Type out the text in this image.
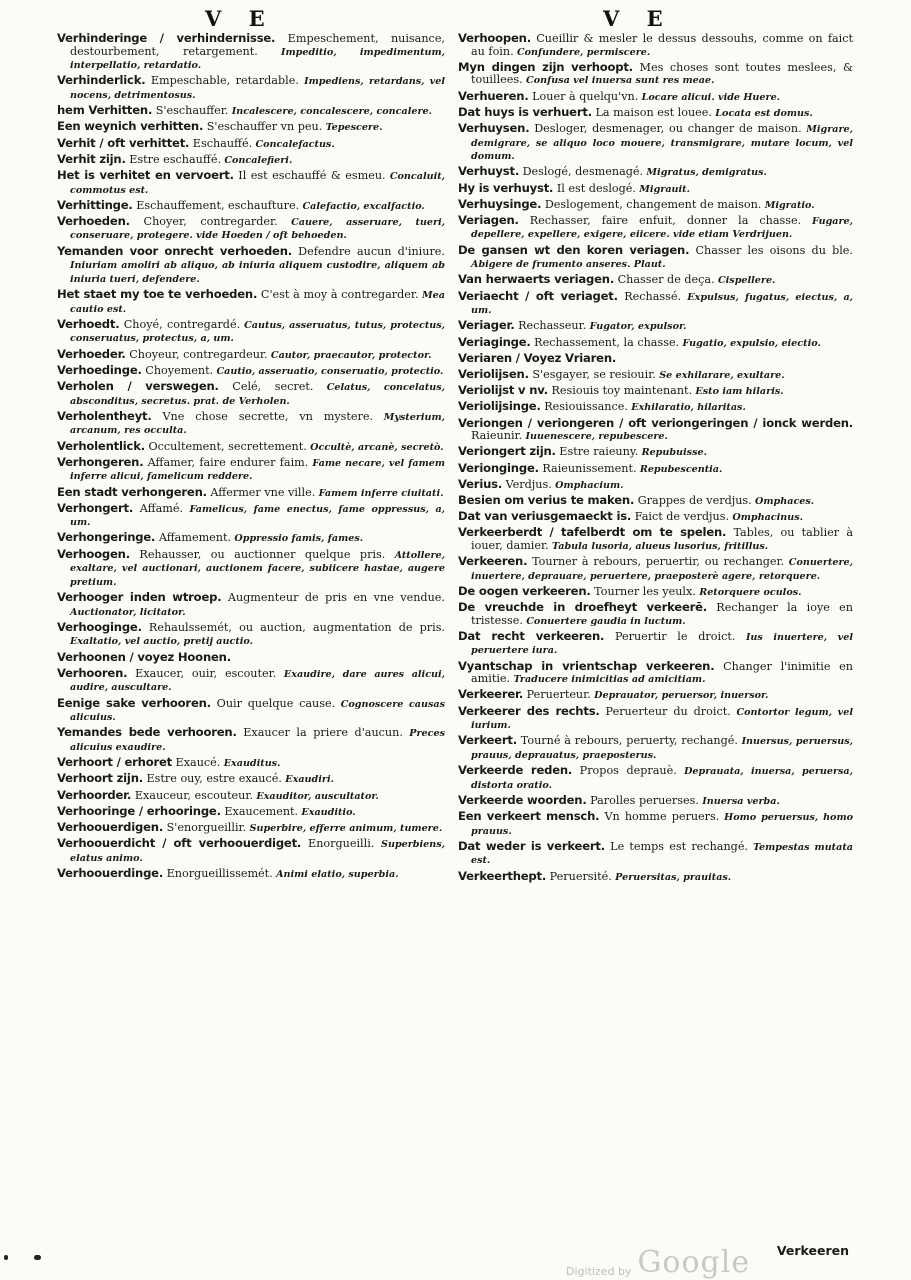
V E	V E

Verhinderinge / verhindernisse. Empeschement, nuisance, destourbement, retargement. Impeditio, impedimentum, interpellatio, retardatio.

Verhinderlick. Empeschable, retardable. Impediens, retardans, vel nocens, detrimentosus.

hem Verhitten. S'eschauffer. Incalescere, concalescere, concalere.

Een weynich verhitten. S'eschauffer vn peu. Tepescere.

Verhit / oft verhittet. Eschauffé. Concalefactus.

Verhit zijn. Estre eschauffé. Concalefieri.

Het is verhitet en vervoert. Il est eschauffé & esmeu. Concaluit, commotus est.

Verhittinge. Eschauffement, eschaufture. Calefactio, excalfactio.

Verhoeden. Choyer, contregarder. Cauere, asseruare, tueri, conseruare, protegere. vide Hoeden / oft behoeden.

Yemanden voor onrecht verhoeden. Defendre aucun d'iniure. Iniuriam amoliri ab aliquo, ab iniuria aliquem custodire, aliquem ab iniuria tueri, defendere.

Het staet my toe te verhoeden. C'est à moy à contregarder. Mea cautio est.

Verhoedt. Choyé, contregardé. Cautus, asseruatus, tutus, protectus, conseruatus, protectus, a, um.

Verhoeder. Choyeur, contregardeur. Cautor, praecautor, protector.

Verhoedinge. Choyement. Cautio, asseruatio, conseruatio, protectio.

Verholen / verswegen. Celé, secret. Celatus, concelatus, absconditus, secretus. prat. de Verholen.

Verholentheyt. Vne chose secrette, vn mystere. Mysterium, arcanum, res occulta.

Verholentlick. Occultement, secrettement. Occultè, arcanè, secretò.

Verhongeren. Affamer, faire endurer faim. Fame necare, vel famem inferre alicui, famelicum reddere.

Een stadt verhongeren. Affermer vne ville. Famem inferre ciuitati.

Verhongert. Affamé. Famelicus, fame enectus, fame oppressus, a, um.

Verhongeringe. Affamement. Oppressio famis, fames.

Verhoogen. Rehausser, ou auctionner quelque pris. Attollere, exaltare, vel auctionari, auctionem facere, subiicere hastae, augere pretium.

Verhooger inden wtroep. Augmenteur de pris en vne vendue. Auctionator, licitator.

Verhooginge. Rehaulssemét, ou auction, augmentation de pris. Exaltatio, vel auctio, pretij auctio.

Verhoonen / voyez Hoonen.

Verhooren. Exaucer, ouir, escouter. Exaudire, dare aures alicui, audire, auscultare.

Eenige sake verhooren. Ouir quelque cause. Cognoscere causas alicuius.

Yemandes bede verhooren. Exaucer la priere d'aucun. Preces alicuius exaudire.

Verhoort / erhoret Exaucé. Exauditus.

Verhoort zijn. Estre ouy, estre exaucé. Exaudiri.

Verhoorder. Exauceur, escouteur. Exauditor, auscultator.

Verhooringe / erhooringe. Exaucement. Exauditio.

Verhoouerdigen. S'enorgueillir. Superbire, efferre animum, tumere.

Verhoouerdicht / oft verhoouerdiget. Enorgueilli. Superbiens, elatus animo.

Verhoouerdinge. Enorgueillissemét. Animi elatio, superbia.

Verhoopen. Cueillir & mesler le dessus dessouhs, comme on faict au foin. Confundere, permiscere.

Myn dingen zijn verhoopt. Mes choses sont toutes meslees, & touillees. Confusa vel inuersa sunt res meae.

Verhueren. Louer à quelqu'vn. Locare alicui. vide Huere.

Dat huys is verhuert. La maison est louee. Locata est domus.

Verhuysen. Desloger, desmenager, ou changer de maison. Migrare, demigrare, se aliquo loco mouere, transmigrare, mutare locum, vel domum.

Verhuyst. Deslogé, desmenagé. Migratus, demigratus.

Hy is verhuyst. Il est deslogé. Migrauit.

Verhuysinge. Deslogement, changement de maison. Migratio.

Veriagen. Rechasser, faire enfuit, donner la chasse. Fugare, depellere, expellere, exigere, eiicere. vide etiam Verdrijuen.

De gansen wt den koren veriagen. Chasser les oisons du ble. Abigere de frumento anseres. Plaut.

Van herwaerts veriagen. Chasser de deça. Cispellere.

Veriaecht / oft veriaget. Rechassé. Expulsus, fugatus, eiectus, a, um.

Veriager. Rechasseur. Fugator, expulsor.

Veriaginge. Rechassement, la chasse. Fugatio, expulsio, eiectio.

Veriaren / Voyez Vriaren.

Veriolijsen. S'esgayer, se resiouir. Se exhilarare, exultare.

Veriolijst v nv. Resiouis toy maintenant. Esto iam hilaris.

Veriolijsinge. Resiouissance. Exhilaratio, hilaritas.

Veriongen / veriongeren / oft veriongeringen / ionck werden. Raieunir. Iuuenescere, repubescere.

Veriongert zijn. Estre raieuny. Repubuisse.

Verionginge. Raieunissement. Repubescentia.

Verius. Verdjus. Omphacium.

Besien om verius te maken. Grappes de verdjus. Omphaces.

Dat van veriusgemaeckt is. Faict de verdjus. Omphacinus.

Verkeerberdt / tafelberdt om te spelen. Tables, ou tablier à iouer, damier. Tabula lusoria, alueus lusorius, fritillus.

Verkeeren. Tourner à rebours, peruertir, ou rechanger. Conuertere, inuertere, deprauare, peruertere, praeposterè agere, retorquere.

De oogen verkeeren. Tourner les yeulx. Retorquere oculos.

De vreuchde in droefheyt verkeerē. Rechanger la ioye en tristesse. Conuertere gaudia in luctum.

Dat recht verkeeren. Peruertir le droict. Ius inuertere, vel peruertere iura.

Vyantschap in vrientschap verkeeren. Changer l'inimitie en amitie. Traducere inimicitias ad amicitiam.

Verkeerer. Peruerteur. Deprauator, peruersor, inuersor.

Verkeerer des rechts. Peruerteur du droict. Contortor legum, vel iurium.

Verkeert. Tourné à rebours, peruerty, rechangé. Inuersus, peruersus, prauus, deprauatus, praeposterus.

Verkeerde reden. Propos deprauè. Deprauata, inuersa, peruersa, distorta oratio.

Verkeerde woorden. Parolles peruerses. Inuersa verba.

Een verkeert mensch. Vn homme peruers. Homo peruersus, homo prauus.

Dat weder is verkeert. Le temps est rechangé. Tempestas mutata est.

Verkeerthept. Peruersité. Peruersitas, prauitas.

Verkeeren
Digitized by Google
